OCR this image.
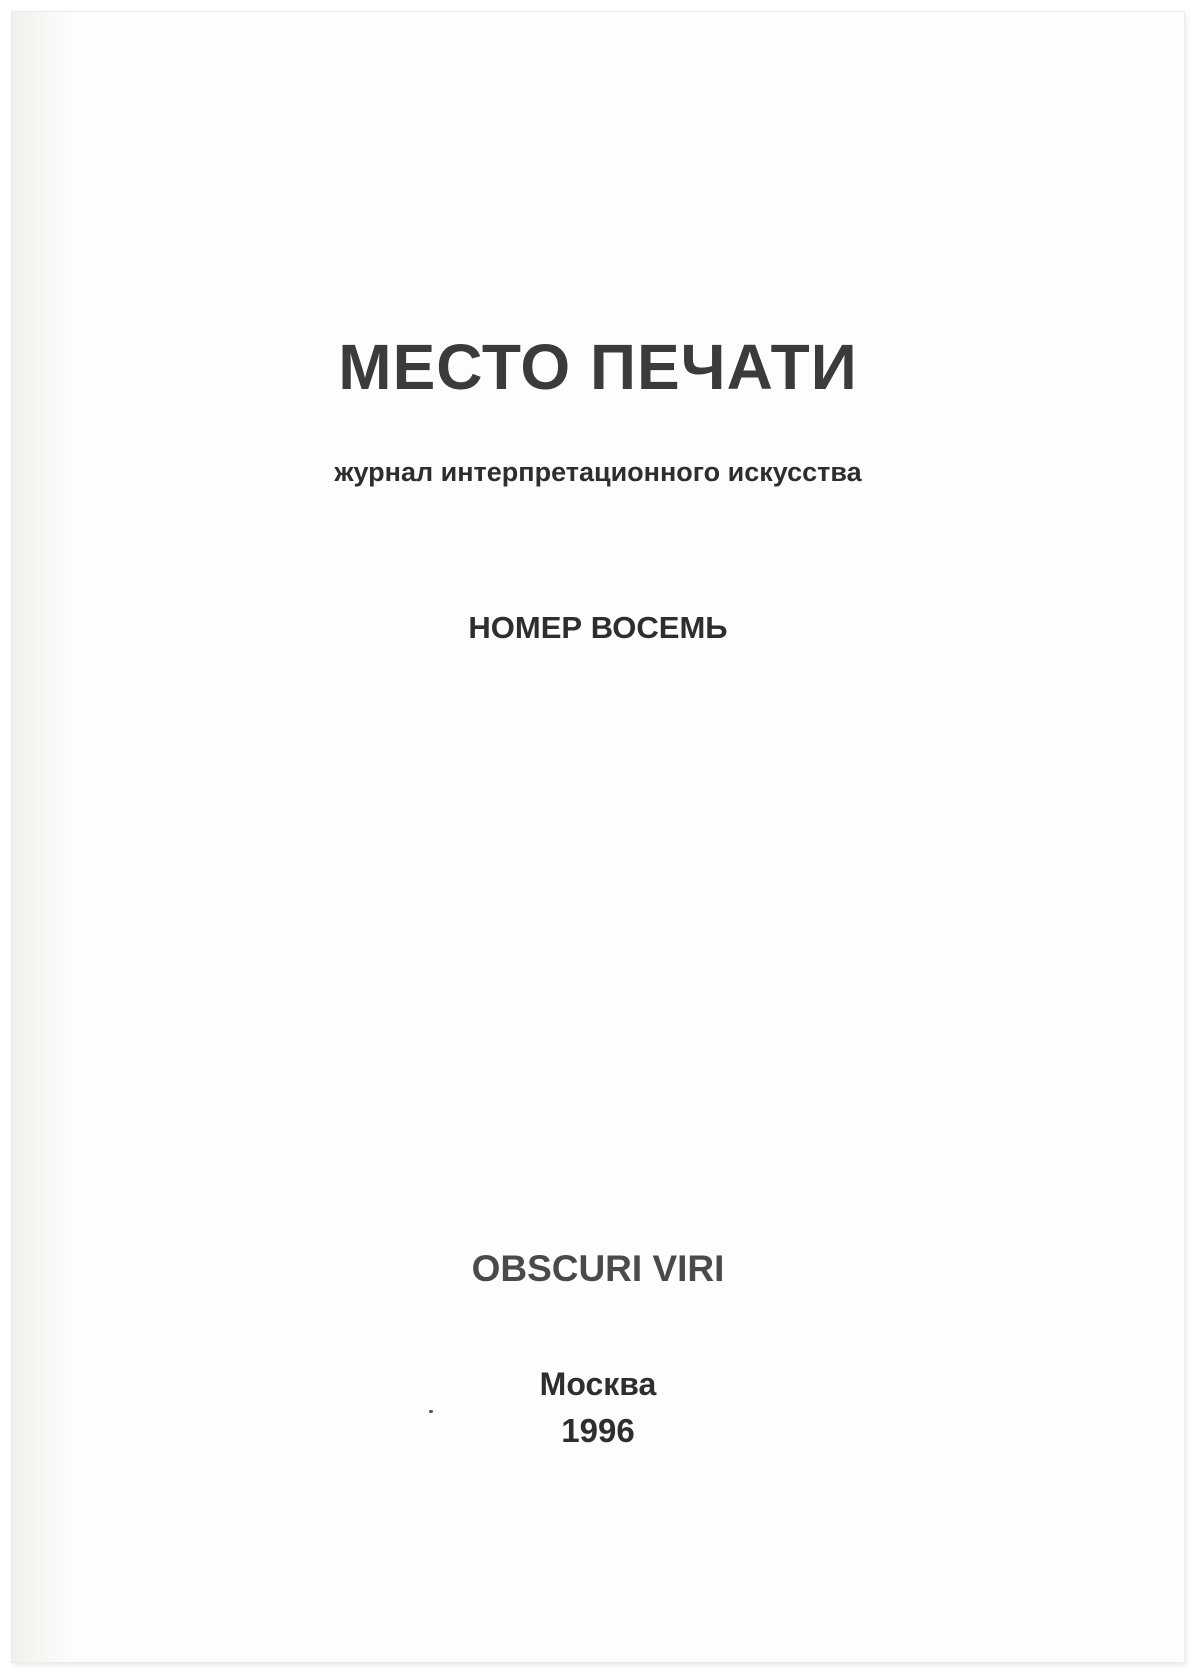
МЕСТО ПЕЧАТИ
журнал интерпретационного искусства
НОМЕР ВОСЕМЬ
OBSCURI VIRI
Москва
1996
